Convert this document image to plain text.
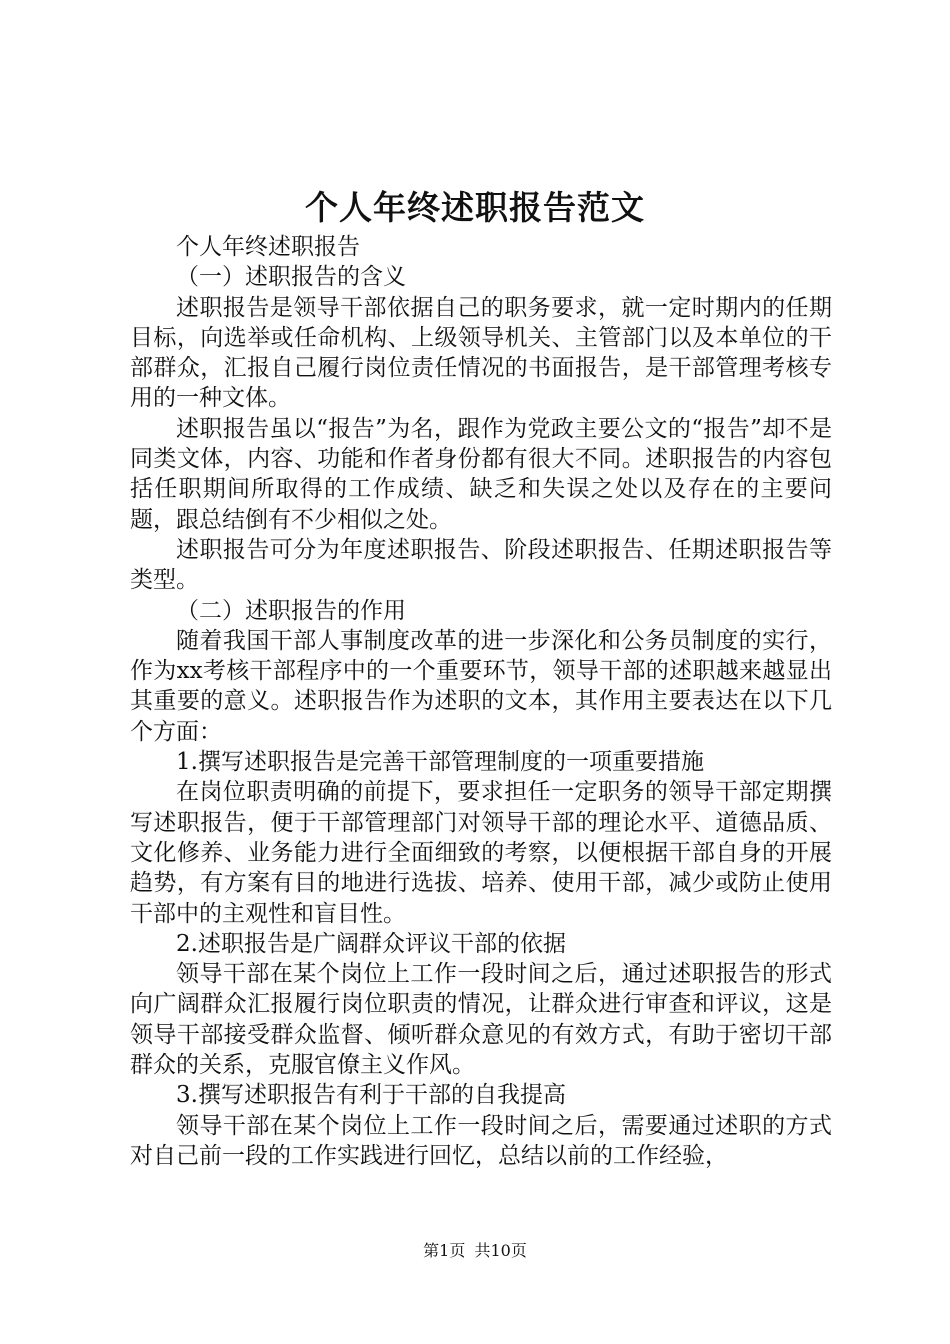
个人年终述职报告范文

个人年终述职报告

（一）述职报告的含义

述职报告是领导干部依据自己的职务要求，就一定时期内的任期目标，向选举或任命机构、上级领导机关、主管部门以及本单位的干部群众，汇报自己履行岗位责任情况的书面报告，是干部管理考核专用的一种文体。

述职报告虽以“报告”为名，跟作为党政主要公文的“报告”却不是同类文体，内容、功能和作者身份都有很大不同。述职报告的内容包括任职期间所取得的工作成绩、缺乏和失误之处以及存在的主要问题，跟总结倒有不少相似之处。

述职报告可分为年度述职报告、阶段述职报告、任期述职报告等类型。

（二）述职报告的作用

随着我国干部人事制度改革的进一步深化和公务员制度的实行，作为xx考核干部程序中的一个重要环节，领导干部的述职越来越显出其重要的意义。述职报告作为述职的文本，其作用主要表达在以下几个方面：

1.撰写述职报告是完善干部管理制度的一项重要措施

在岗位职责明确的前提下，要求担任一定职务的领导干部定期撰写述职报告，便于干部管理部门对领导干部的理论水平、道德品质、文化修养、业务能力进行全面细致的考察，以便根据干部自身的开展趋势，有方案有目的地进行选拔、培养、使用干部，减少或防止使用干部中的主观性和盲目性。

2.述职报告是广阔群众评议干部的依据

领导干部在某个岗位上工作一段时间之后，通过述职报告的形式向广阔群众汇报履行岗位职责的情况，让群众进行审查和评议，这是领导干部接受群众监督、倾听群众意见的有效方式，有助于密切干部群众的关系，克服官僚主义作风。

3.撰写述职报告有利于干部的自我提高

领导干部在某个岗位上工作一段时间之后，需要通过述职的方式对自己前一段的工作实践进行回忆，总结以前的工作经验，

第1页 共10页
